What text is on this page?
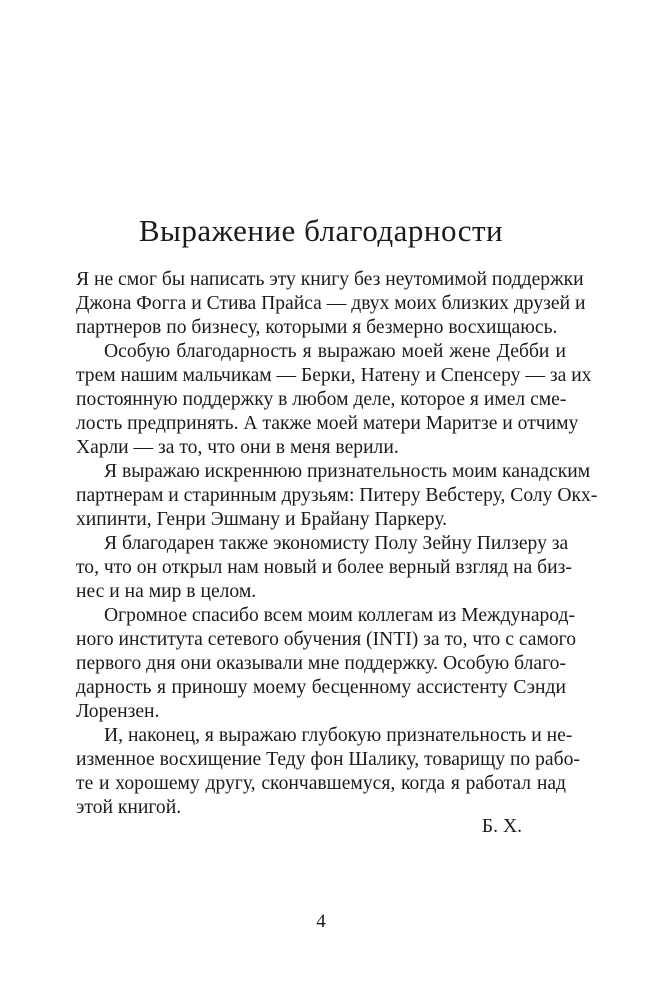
Выражение благодарности

Я не смог бы написать эту книгу без неутомимой поддержки
Джона Фогга и Стива Прайса — двух моих близких друзей и
партнеров по бизнесу, которыми я безмерно восхищаюсь.

Особую благодарность я выражаю моей жене Дебби и
трем нашим мальчикам — Берки, Натену и Спенсеру — за их
постоянную поддержку в любом деле, которое я имел сме-
лость предпринять. А также моей матери Маритзе и отчиму
Харли — за то, что они в меня верили.

Я выражаю искреннюю признательность моим канадским
партнерам и старинным друзьям: Питеру Вебстеру, Солу Окх-
хипинти, Генри Эшману и Брайану Паркеру.

Я благодарен также экономисту Полу Зейну Пилзеру за
то, что он открыл нам новый и более верный взгляд на биз-
нес и на мир в целом.

Огромное спасибо всем моим коллегам из Международ-
ного института сетевого обучения (INTI) за то, что с самого
первого дня они оказывали мне поддержку. Особую благо-
дарность я приношу моему бесценному ассистенту Сэнди
Лорензен.

И, наконец, я выражаю глубокую признательность и не-
изменное восхищение Теду фон Шалику, товарищу по рабо-
те и хорошему другу, скончавшемуся, когда я работал над
этой книгой.

Б. Х.
4
